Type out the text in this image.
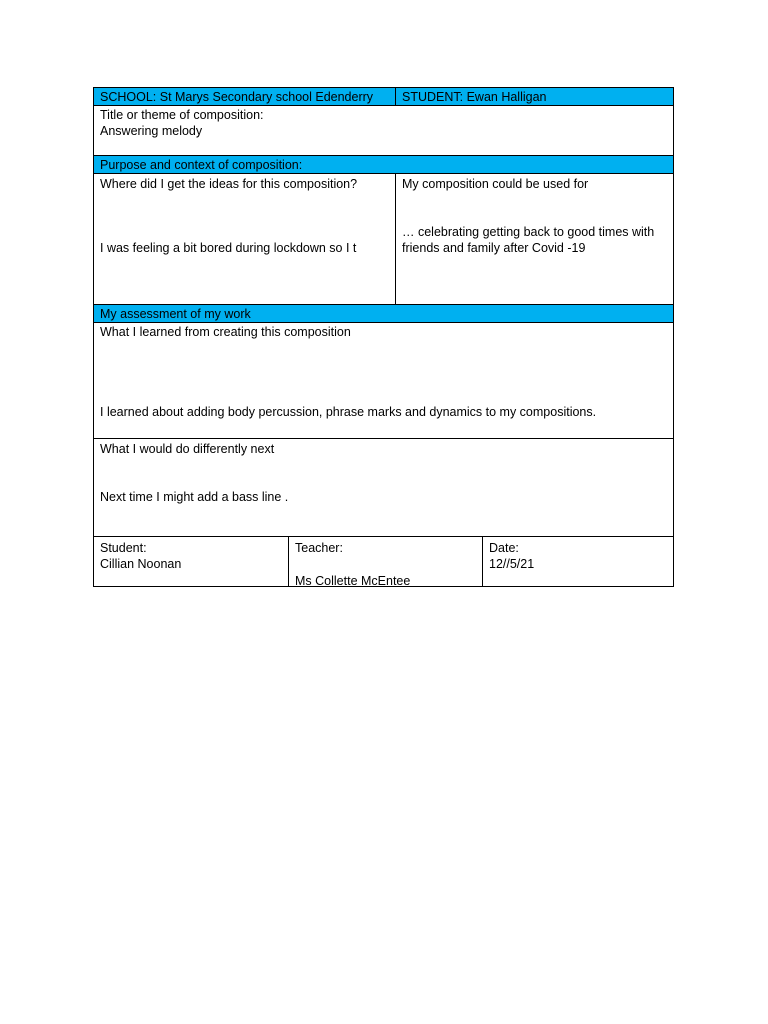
SCHOOL: St Marys Secondary school Edenderry	STUDENT: Ewan Halligan
Title or theme of composition:
Answering melody
Purpose and context of composition:
Where did I get the ideas for this composition?
I was feeling a bit bored during lockdown so I t
My composition could be used for
… celebrating getting back to good times with
friends and family after Covid -19
My assessment of my work
What I learned from creating this composition
I learned about adding body percussion, phrase marks and dynamics to my compositions.
What I would do differently next
Next time I might add a bass line .
Student:
Cillian Noonan
Teacher:
Ms Collette McEntee
Date:
12//5/21
